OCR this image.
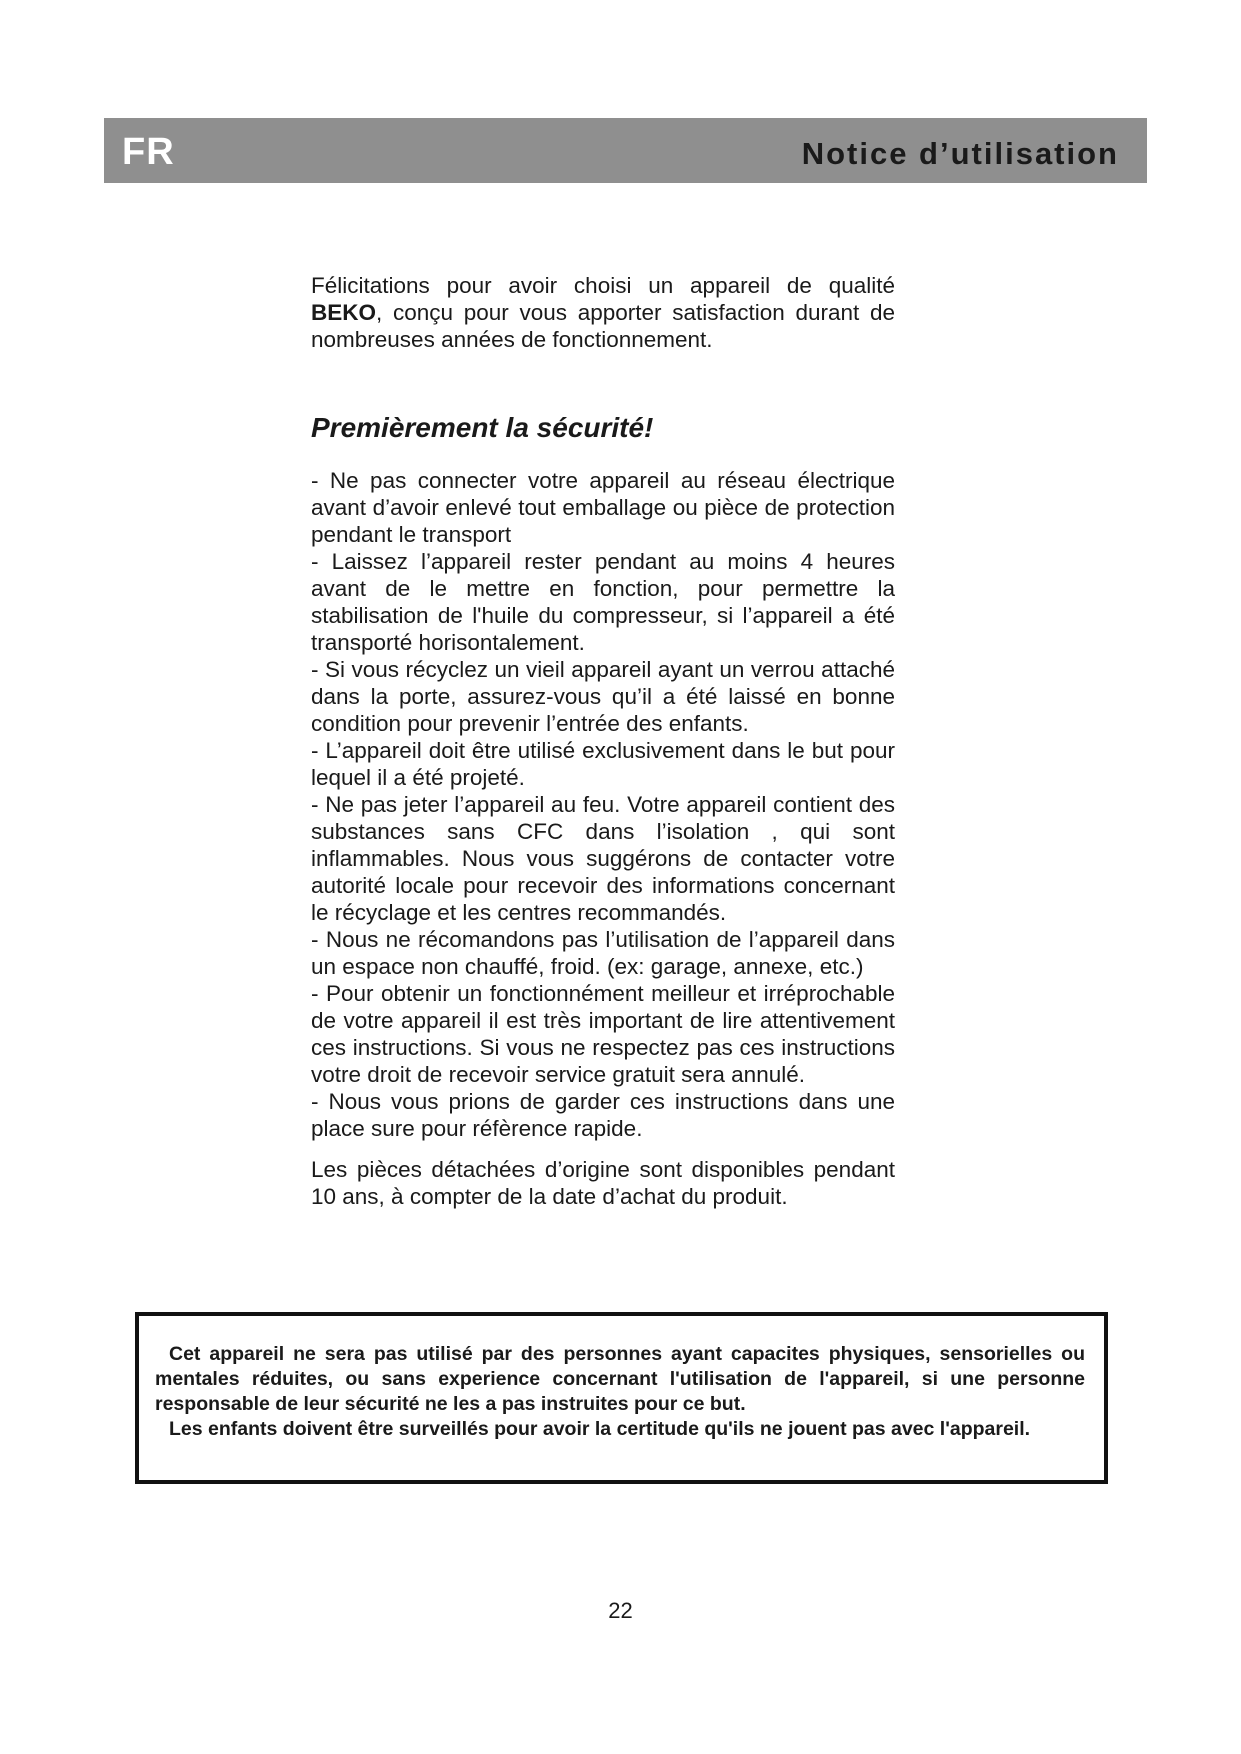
FR	Notice d’utilisation

Félicitations pour avoir choisi un appareil de qualité BEKO, conçu pour vous apporter satisfaction durant de nombreuses années de fonctionnement.

Premièrement la sécurité!

- Ne pas connecter votre appareil au réseau électrique avant d’avoir enlevé tout emballage ou pièce de protection pendant le transport

- Laissez l’appareil rester pendant au moins 4 heures avant de le mettre en fonction, pour permettre la stabilisation de l'huile du compresseur, si l’appareil a été transporté horisontalement.

- Si vous récyclez un vieil appareil ayant un verrou attaché dans la porte, assurez-vous qu’il a été laissé en bonne condition pour prevenir l’entrée des enfants.

- L’appareil doit être utilisé exclusivement dans le but pour lequel il a été projeté.

- Ne pas jeter l’appareil au feu. Votre appareil contient des substances sans CFC dans l’isolation , qui sont inflammables. Nous vous suggérons de contacter votre autorité locale pour recevoir des informations concernant le récyclage et les centres recommandés.

- Nous ne récomandons pas l’utilisation de l’appareil dans un espace non chauffé, froid. (ex: garage, annexe, etc.)

- Pour obtenir un fonctionnément meilleur et irréprochable de votre appareil il est très important de lire attentivement ces instructions. Si vous ne respectez pas ces instructions votre droit de recevoir service gratuit sera annulé.

- Nous vous prions de garder ces instructions dans une place sure pour réfèrence rapide.

Les pièces détachées d’origine sont disponibles pendant 10 ans, à compter de la date d’achat du produit.

Cet appareil ne sera pas utilisé par des personnes ayant capacites physiques, sensorielles ou mentales réduites, ou sans experience concernant l'utilisation de l'appareil, si une personne responsable de leur sécurité ne les a pas instruites pour ce but.

Les enfants doivent être surveillés pour avoir la certitude qu'ils ne jouent pas avec l'appareil.

22
